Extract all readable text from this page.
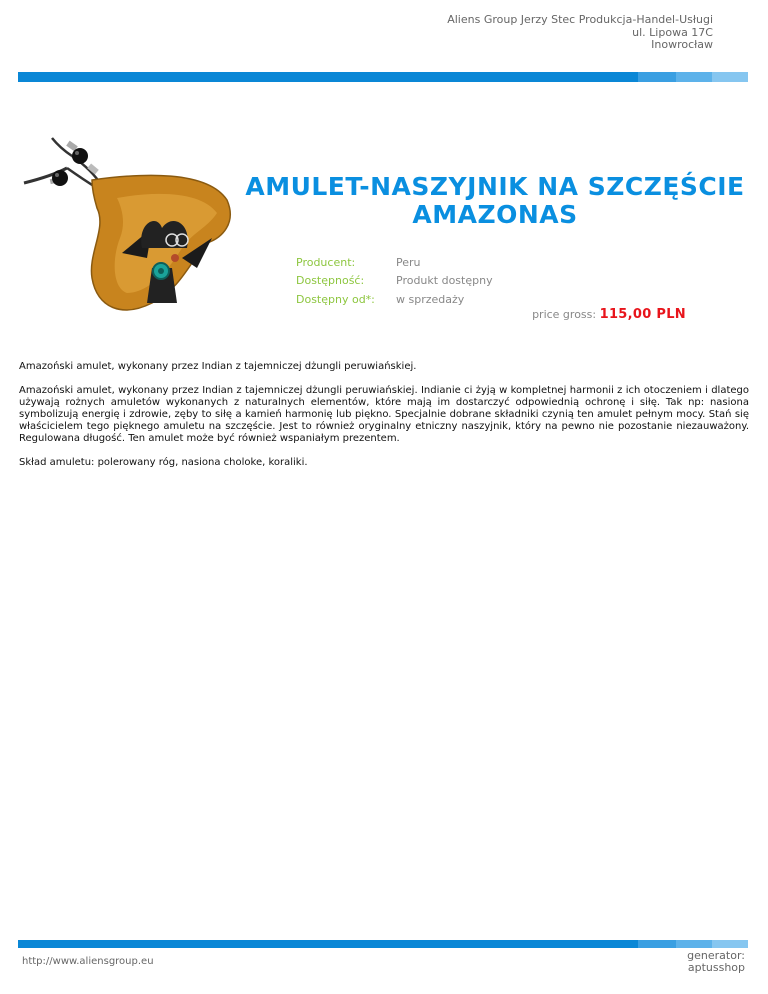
Aliens Group Jerzy Stec Produkcja-Handel-Usługi
ul. Lipowa 17C
Inowrocław
AMULET-NASZYJNIK NA SZCZĘŚCIE AMAZONAS
Producent:	Peru
Dostępność:	Produkt dostępny
Dostępny od*:	w sprzedaży
price gross: 115,00 PLN

Amazoński amulet, wykonany przez Indian z tajemniczej dżungli peruwiańskiej.

Amazoński amulet, wykonany przez Indian z tajemniczej dżungli peruwiańskiej. Indianie ci żyją w kompletnej harmonii z ich otoczeniem i dlatego używają rożnych amuletów wykonanych z naturalnych elementów, które mają im dostarczyć odpowiednią ochronę i siłę. Tak np: nasiona symbolizują energię i zdrowie, zęby to siłę a kamień harmonię lub piękno. Specjalnie dobrane składniki czynią ten amulet pełnym mocy. Stań się właścicielem tego pięknego amuletu na szczęście. Jest to również oryginalny etniczny naszyjnik, który na pewno nie pozostanie niezauważony. Regulowana długość. Ten amulet może być również wspaniałym prezentem.

Skład amuletu: polerowany róg, nasiona choloke, koraliki.

http://www.aliensgroup.eu	generator:
aptusshop
